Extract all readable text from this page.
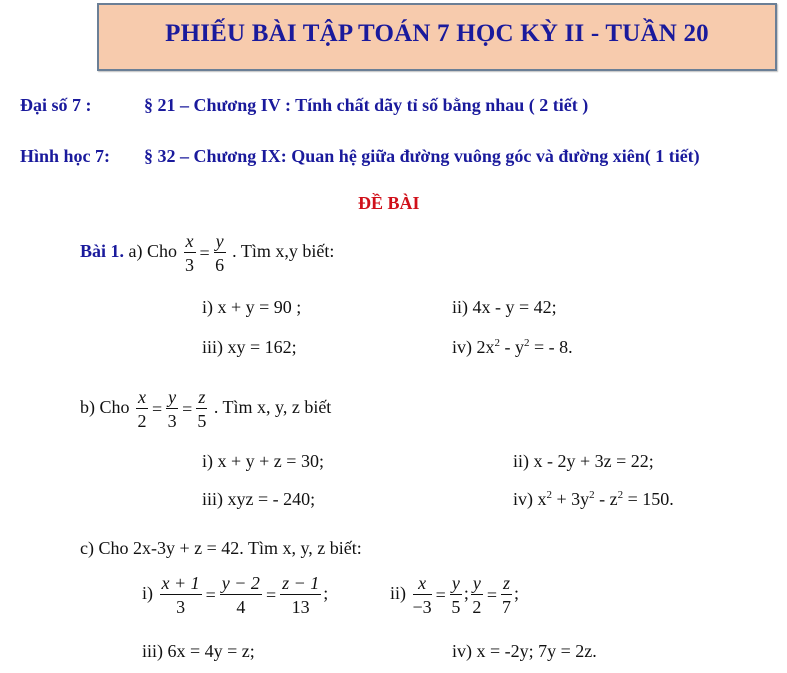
PHIẾU BÀI TẬP TOÁN 7 HỌC KỲ II - TUẦN 20
Đại số 7 :	§ 21 – Chương IV : Tính chất dãy tỉ số bằng nhau ( 2 tiết )
Hình học 7: § 32 – Chương IX: Quan hệ giữa đường vuông góc và đường xiên( 1 tiết)
ĐỀ BÀI
Bài 1. a) Cho $\frac{x}{3} = \frac{y}{6}$ . Tìm x,y biết:
i) x + y = 90 ;	ii) 4x - y = 42;
iii) xy = 162;	iv) $2x^2 - y^2$ = - 8.
b) Cho $\frac{x}{2} = \frac{y}{3} = \frac{z}{5}$ . Tìm x, y, z biết
i) x + y + z = 30;	ii) x - 2y + 3z = 22;
iii) xyz = - 240;	iv) $x^2 + 3y^2 - z^2 = 150$.
c) Cho 2x-3y + z = 42. Tìm x, y, z biết:
$i) \frac{x + 1}{3} = \frac{y - 2}{4} = \frac{z - 1}{13}$ ;	$ii) \frac{x}{-3} = \frac{y}{5}$ ; $\frac{y}{2} = \frac{z}{7}$ ;
iii) 6x = 4y = z;	iv) x = -2y; 7y = 2z.
